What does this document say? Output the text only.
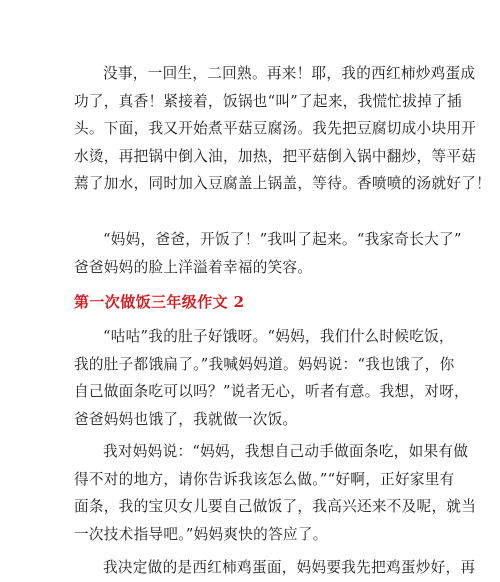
没事，一回生，二回熟。再来！耶，我的西红柿炒鸡蛋成
功了，真香！紧接着，饭锅也“叫”了起来，我慌忙拔掉了插
头。下面，我又开始煮平菇豆腐汤。我先把豆腐切成小块用开
水烫，再把锅中倒入油，加热，把平菇倒入锅中翻炒，等平菇
蔫了加水，同时加入豆腐盖上锅盖，等待。香喷喷的汤就好了！
“妈妈，爸爸，开饭了！”我叫了起来。“我家奇长大了”
爸爸妈妈的脸上洋溢着幸福的笑容。
第一次做饭三年级作文 2
“咕咕”我的肚子好饿呀。“妈妈，我们什么时候吃饭，
我的肚子都饿扁了。”我喊妈妈道。妈妈说：“我也饿了，你
自己做面条吃可以吗？”说者无心，听者有意。我想，对呀，
爸爸妈妈也饿了，我就做一次饭。
我对妈妈说：“妈妈，我想自己动手做面条吃，如果有做
得不对的地方，请你告诉我该怎么做。”“好啊，正好家里有
面条，我的宝贝女儿要自己做饭了，我高兴还来不及呢，就当
一次技术指导吧。”妈妈爽快的答应了。
我决定做的是西红柿鸡蛋面，妈妈要我先把鸡蛋炒好，再
